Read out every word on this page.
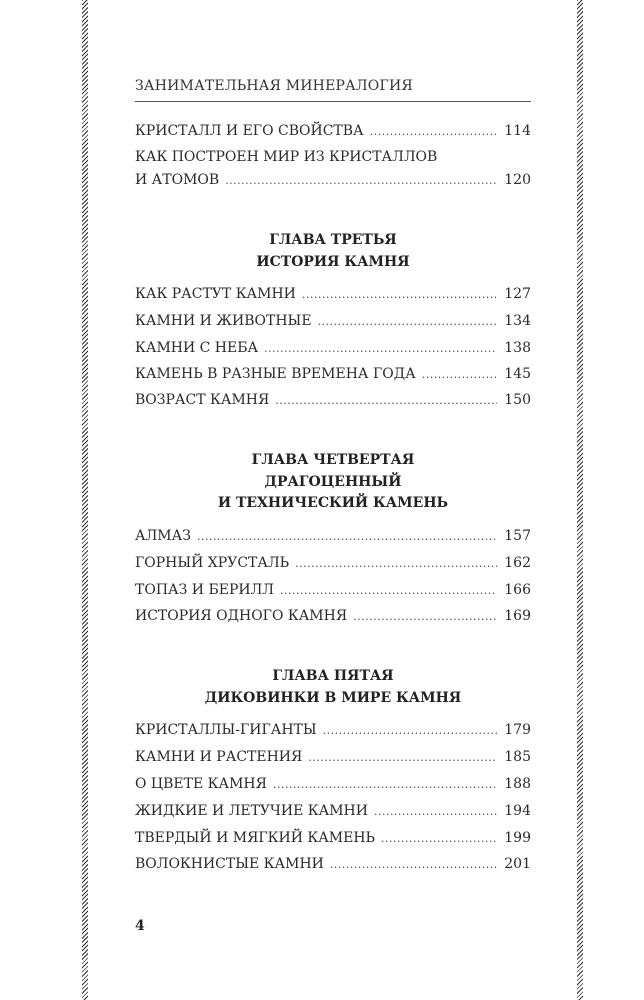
ЗАНИМАТЕЛЬНАЯ МИНЕРАЛОГИЯ
КРИСТАЛЛ И ЕГО СВОЙСТВА .....	114
КАК ПОСТРОЕН МИР ИЗ КРИСТАЛЛОВ
И АТОМОВ .....	120
ГЛАВА ТРЕТЬЯ
ИСТОРИЯ КАМНЯ
КАК РАСТУТ КАМНИ .....	127
КАМНИ И ЖИВОТНЫЕ .....	134
КАМНИ С НЕБА .....	138
КАМЕНЬ В РАЗНЫЕ ВРЕМЕНА ГОДА .....	145
ВОЗРАСТ КАМНЯ .....	150
ГЛАВА ЧЕТВЕРТАЯ
ДРАГОЦЕННЫЙ
И ТЕХНИЧЕСКИЙ КАМЕНЬ
АЛМАЗ .....	157
ГОРНЫЙ ХРУСТАЛЬ .....	162
ТОПАЗ И БЕРИЛЛ .....	166
ИСТОРИЯ ОДНОГО КАМНЯ .....	169
ГЛАВА ПЯТАЯ
ДИКОВИНКИ В МИРЕ КАМНЯ
КРИСТАЛЛЫ-ГИГАНТЫ .....	179
КАМНИ И РАСТЕНИЯ .....	185
О ЦВЕТЕ КАМНЯ .....	188
ЖИДКИЕ И ЛЕТУЧИЕ КАМНИ .....	194
ТВЕРДЫЙ И МЯГКИЙ КАМЕНЬ .....	199
ВОЛОКНИСТЫЕ КАМНИ .....	201
4
